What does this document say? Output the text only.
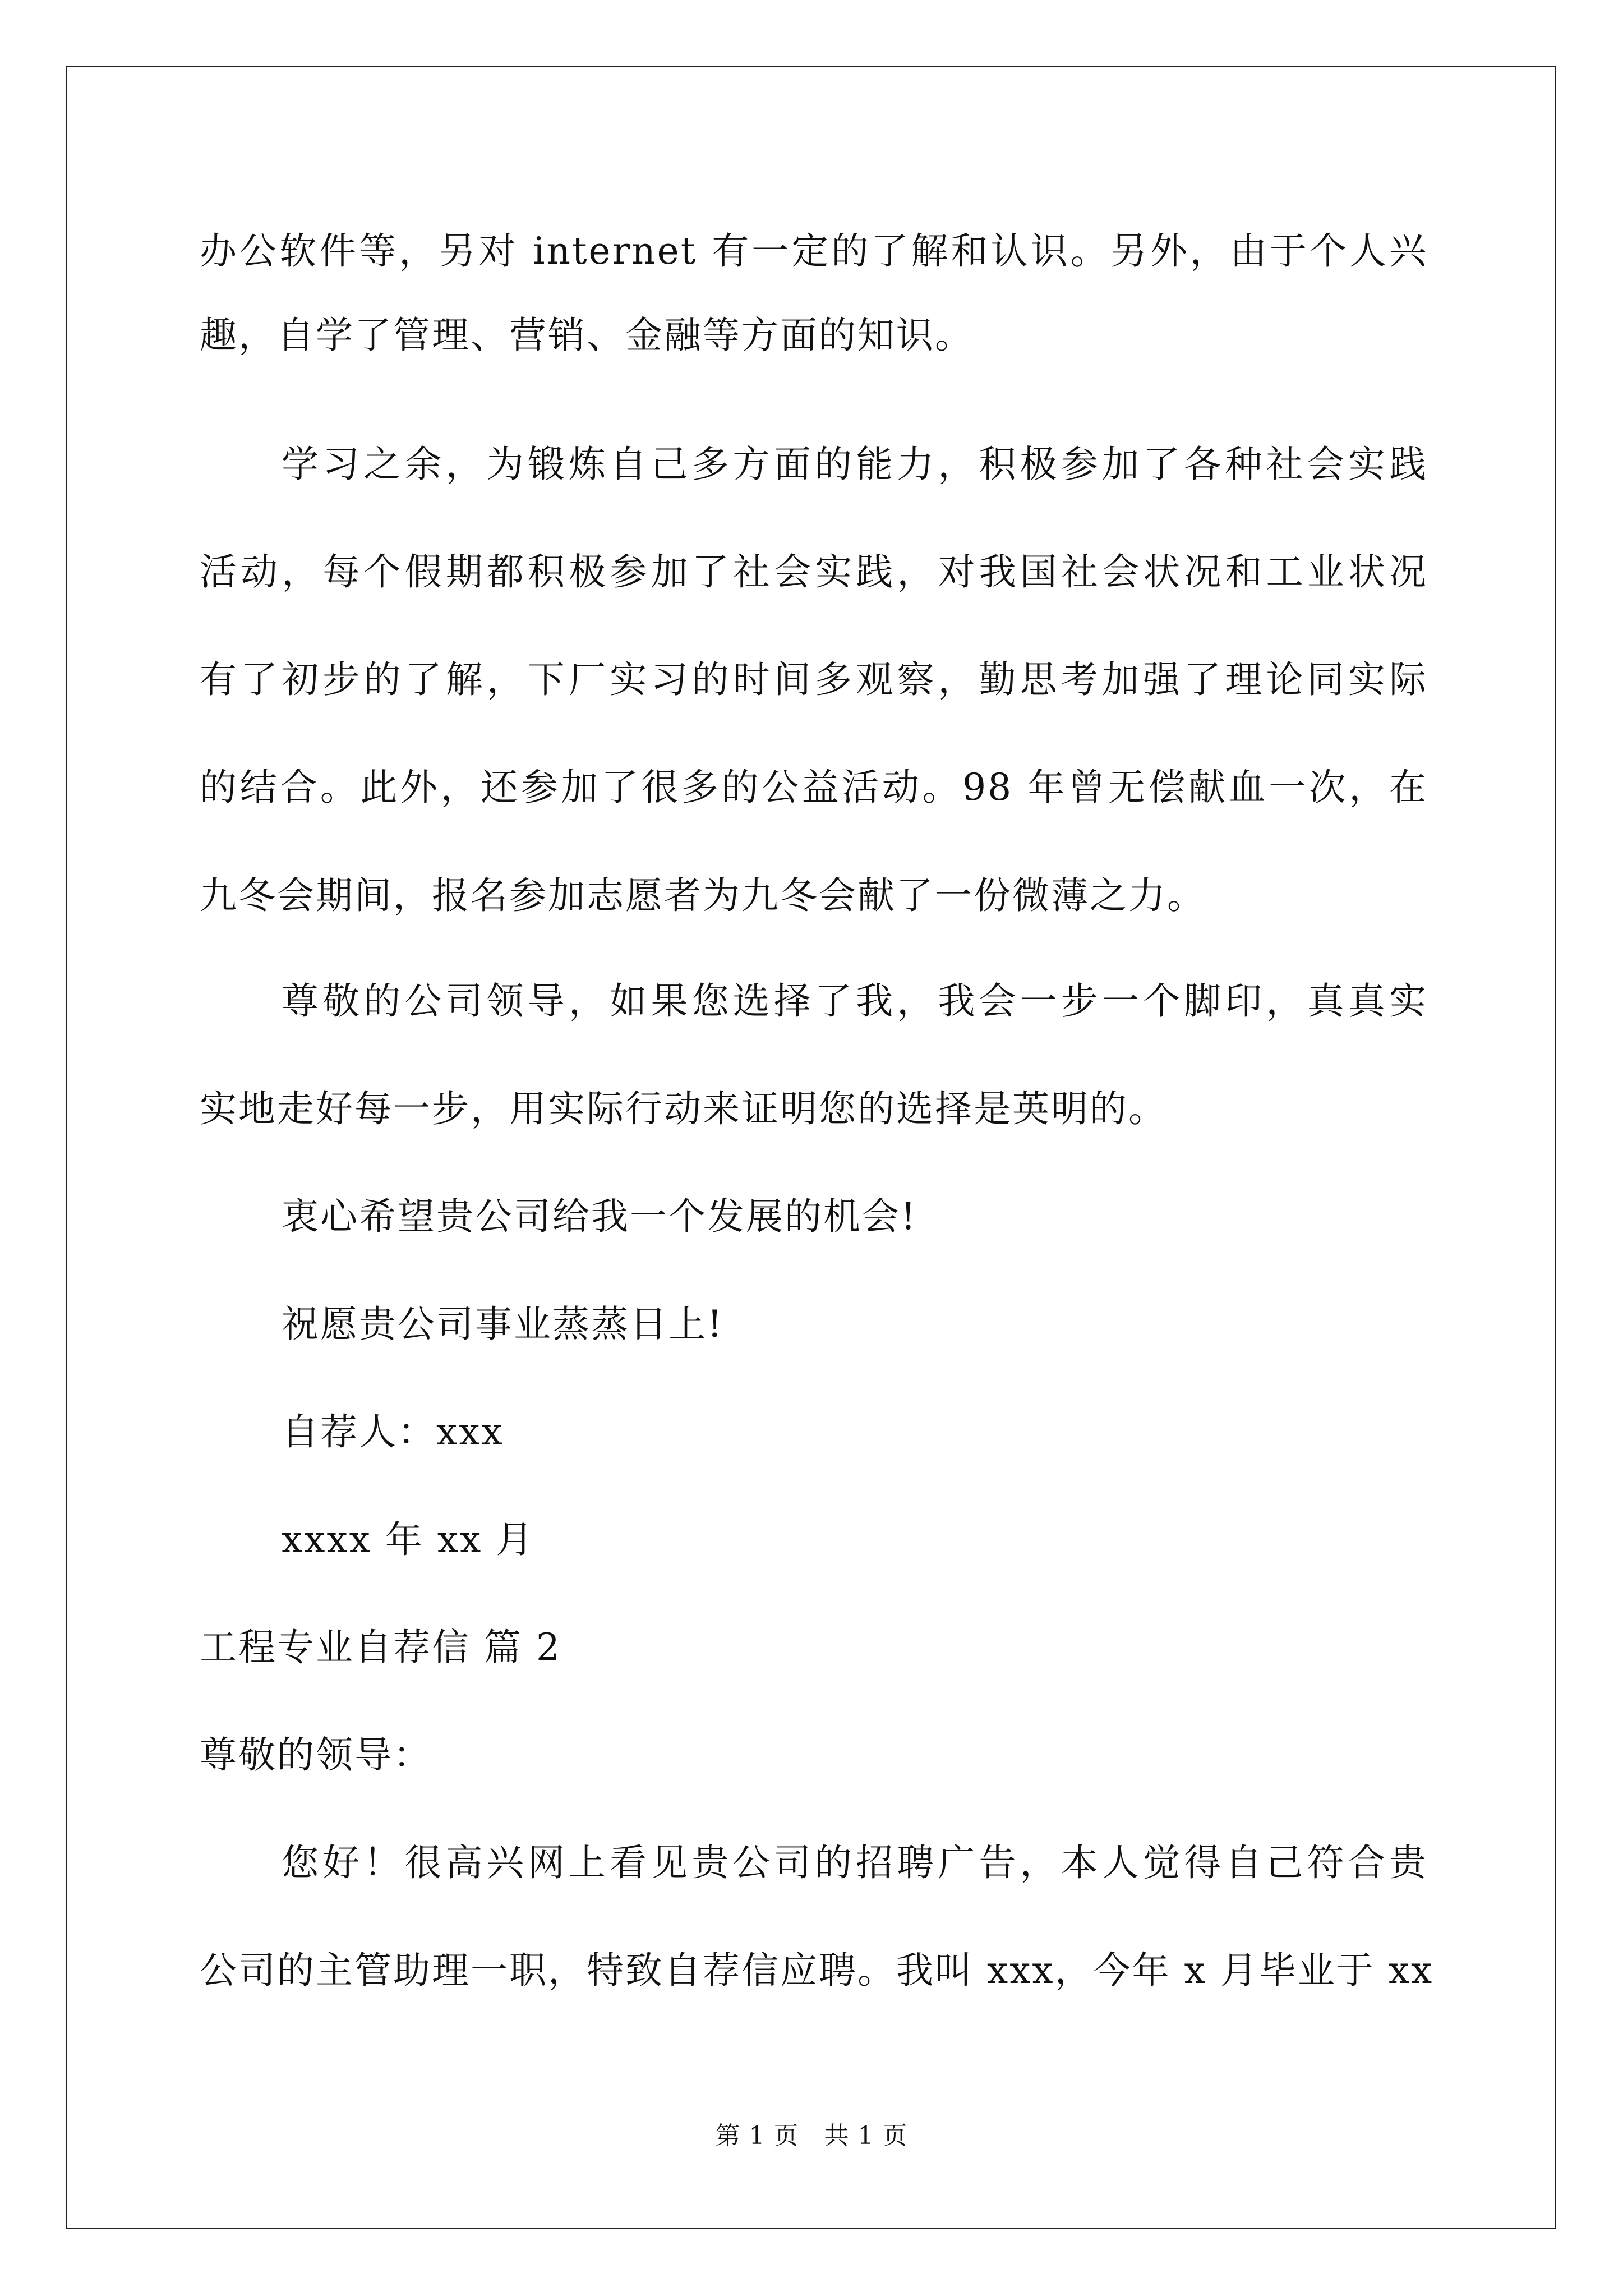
办公软件等，另对 internet 有一定的了解和认识。另外，由于个人兴
趣，自学了管理、营销、金融等方面的知识。
学习之余，为锻炼自己多方面的能力，积极参加了各种社会实践
活动，每个假期都积极参加了社会实践，对我国社会状况和工业状况
有了初步的了解，下厂实习的时间多观察，勤思考加强了理论同实际
的结合。此外，还参加了很多的公益活动。98 年曾无偿献血一次，在
九冬会期间，报名参加志愿者为九冬会献了一份微薄之力。
尊敬的公司领导，如果您选择了我，我会一步一个脚印，真真实
实地走好每一步，用实际行动来证明您的选择是英明的。
衷心希望贵公司给我一个发展的机会!
祝愿贵公司事业蒸蒸日上!
自荐人：xxx
xxxx 年 xx 月
工程专业自荐信 篇 2
尊敬的领导：
您好！很高兴网上看见贵公司的招聘广告，本人觉得自己符合贵
公司的主管助理一职，特致自荐信应聘。我叫 xxx，今年 x 月毕业于 xx
第 1 页　共 1 页
